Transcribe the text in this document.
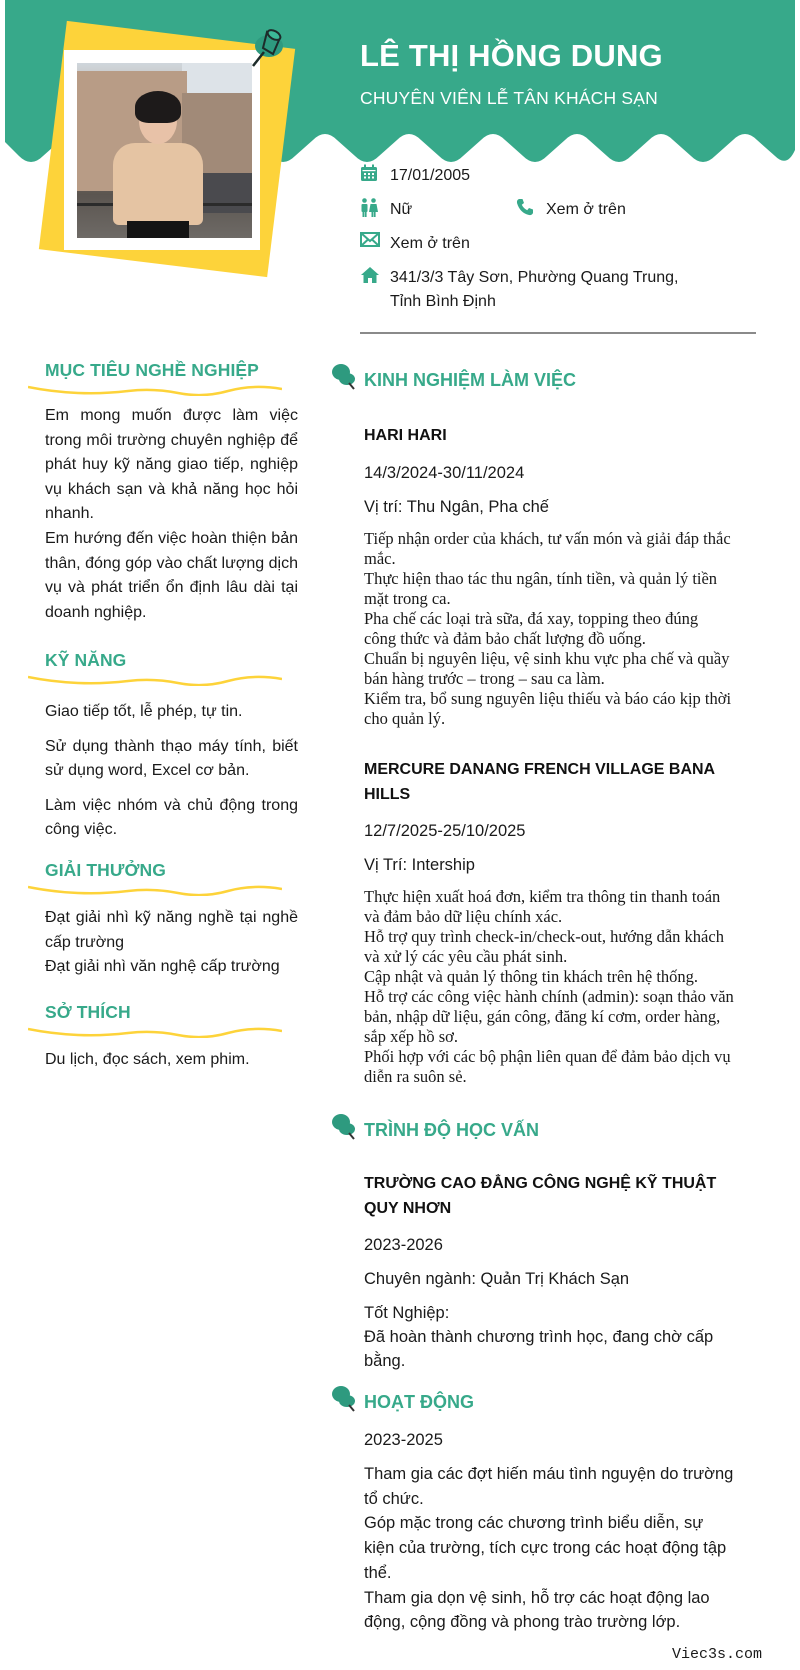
LÊ THỊ HỒNG DUNG
CHUYÊN VIÊN LỄ TÂN KHÁCH SẠN
17/01/2005
Nữ	Xem ở trên
Xem ở trên
341/3/3 Tây Sơn, Phường Quang Trung,
Tỉnh Bình Định
MỤC TIÊU NGHỀ NGHIỆP

Em mong muốn được làm việc trong môi trường chuyên nghiệp để phát huy kỹ năng giao tiếp, nghiệp vụ khách sạn và khả năng học hỏi nhanh.

Em hướng đến việc hoàn thiện bản thân, đóng góp vào chất lượng dịch vụ và phát triển ổn định lâu dài tại doanh nghiệp.

KỸ NĂNG

Giao tiếp tốt, lễ phép, tự tin.

Sử dụng thành thạo máy tính, biết sử dụng word, Excel cơ bản.

Làm việc nhóm và chủ động trong công việc.

GIẢI THƯỞNG

Đạt giải nhì kỹ năng nghề tại nghề cấp trường

Đạt giải nhì văn nghệ cấp trường

SỞ THÍCH
Du lịch, đọc sách, xem phim.
KINH NGHIỆM LÀM VIỆC
HARI HARI
14/3/2024-30/11/2024
Vị trí: Thu Ngân, Pha chế

Tiếp nhận order của khách, tư vấn món và giải đáp thắc mắc.

Thực hiện thao tác thu ngân, tính tiền, và quản lý tiền mặt trong ca.

Pha chế các loại trà sữa, đá xay, topping theo đúng công thức và đảm bảo chất lượng đồ uống.

Chuẩn bị nguyên liệu, vệ sinh khu vực pha chế và quầy bán hàng trước – trong – sau ca làm.

Kiểm tra, bổ sung nguyên liệu thiếu và báo cáo kịp thời cho quản lý.

MERCURE DANANG FRENCH VILLAGE BANA HILLS
12/7/2025-25/10/2025
Vị Trí: Intership

Thực hiện xuất hoá đơn, kiểm tra thông tin thanh toán và đảm bảo dữ liệu chính xác.

Hỗ trợ quy trình check-in/check-out, hướng dẫn khách và xử lý các yêu cầu phát sinh.

Cập nhật và quản lý thông tin khách trên hệ thống.

Hỗ trợ các công việc hành chính (admin): soạn thảo văn bản, nhập dữ liệu, gán công, đăng kí cơm, order hàng, sắp xếp hồ sơ.

Phối hợp với các bộ phận liên quan để đảm bảo dịch vụ diễn ra suôn sẻ.

TRÌNH ĐỘ HỌC VẤN
TRƯỜNG CAO ĐẲNG CÔNG NGHỆ KỸ THUẬT QUY NHƠN
2023-2026
Chuyên ngành: Quản Trị Khách Sạn
Tốt Nghiệp:
Đã hoàn thành chương trình học, đang chờ cấp bằng.
HOẠT ĐỘNG
2023-2025

Tham gia các đợt hiến máu tình nguyện do trường tổ chức.

Góp mặc trong các chương trình biểu diễn, sự kiện của trường, tích cực trong các hoạt động tập thể.

Tham gia dọn vệ sinh, hỗ trợ các hoạt động lao động, cộng đồng và phong trào trường lớp.

Viec3s.com
